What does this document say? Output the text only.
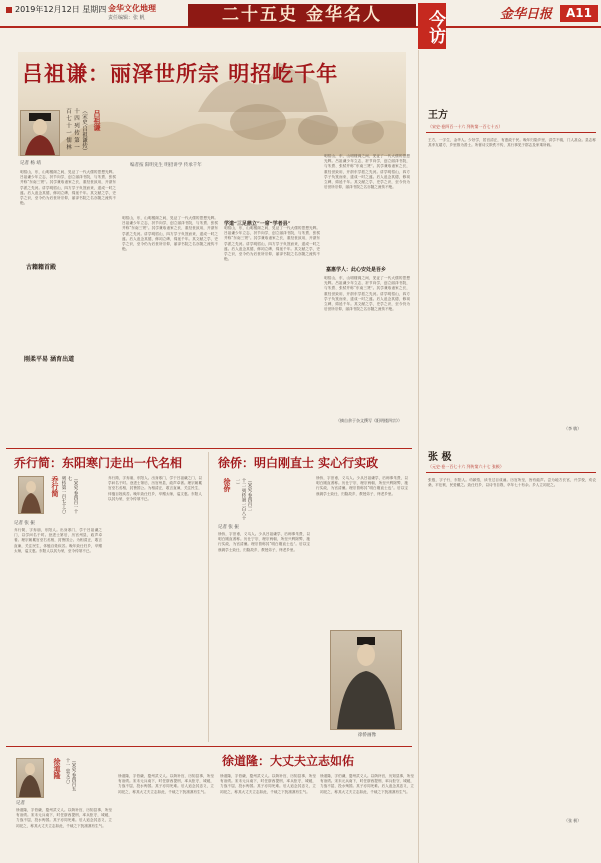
2019年12月12日 星期四 金华文化地理
责任编辑：张 帆	二十五史 金华名人	今访	金华日报	A11
吕祖谦：丽泽世所宗 明招屹千年
（宋史·吕祖谦传）
十 四 列 传 第 一
百 七 十 一 儒 林	吕祖谦
记者 杨 靖
古籍籍首殿
刚柔平易 涵育出道
明招山，东，山明楼阁之间，见证了一代大儒的思想光辉。吕祖谦少年立志，折节向学，创立丽泽书院，与朱熹、张栻并称“东南三贤”。其学兼取诸家之长，重经世致用，开浙东学派之先河。讲学明招山，四方学子负笈而来，遂成一时之盛。后人追念其德，修祠立碑，绵延千年。其文献之学，史学之识，至今仍为后世所宗仰，丽泽书院之名亦随之流传不绝。
明招山，东，山明楼阁之间，见证了一代大儒的思想光辉。吕祖谦少年立志，折节向学，创立丽泽书院，与朱熹、张栻并称“东南三贤”。其学兼取诸家之长，重经世致用，开浙东学派之先河。讲学明招山，四方学子负笈而来，遂成一时之盛。后人追念其德，修祠立碑，绵延千年。其文献之学，史学之识，至今仍为后世所宗仰，丽泽书院之名亦随之流传不绝。
明招山，东，山明楼阁之间，见证了一代大儒的思想光辉。吕祖谦少年立志，折节向学，创立丽泽书院，与朱熹、张栻并称“东南三贤”。其学兼取诸家之长，重经世致用，开浙东学派之先河。讲学明招山，四方学子负笈而来，遂成一时之盛。后人追念其德，修祠立碑，绵延千年。其文献之学，史学之识，至今仍为后世所宗仰，丽泽书院之名亦随之流传不绝。
学道“三足鼎立”一席“学者县”
明招山，东，山明楼阁之间，见证了一代大儒的思想光辉。吕祖谦少年立志，折节向学，创立丽泽书院，与朱熹、张栻并称“东南三贤”。其学兼取诸家之长，重经世致用，开浙东学派之先河。讲学明招山，四方学子负笈而来，遂成一时之盛。后人追念其德，修祠立碑，绵延千年。其文献之学，史学之识，至今仍为后世所宗仰，丽泽书院之名亦随之流传不绝。
嘉惠学人：此心安处是吾乡
明招山，东，山明楼阁之间，见证了一代大儒的思想光辉。吕祖谦少年立志，折节向学，创立丽泽书院，与朱熹、张栻并称“东南三贤”。其学兼取诸家之长，重经世致用，开浙东学派之先河。讲学明招山，四方学子负笈而来，遂成一时之盛。后人追念其德，修祠立碑，绵延千年。其文献之学，史学之识，至今仍为后世所宗仰，丽泽书院之名亦随之流传不绝。
（摘自余于杂文撰写《阳明楼四宗》）
编者按 阳明先生 明招讲学 传承千年
王方
（宋史·卷四百一十六 列传第一百七十五）
王方，一字生，金华人。少好学，居官清正，有惠政于民。晚年归隐乡里，讲学不辍，门人甚众。县志称其孝友端方，乡里推为善士。所著诗文散佚不传，其行事见于郡志及家乘所载。
（李 敏）
张 极
（元史·卷一百七十六 列传第六十七 张极）
张极，字子行，东阳人。幼颖悟，读书过目成诵。历官所至，皆有能声。尝为地方长官，兴学校，劝农桑，平讼狱，民爱戴之。致仕归乡，以诗书自娱，卒年七十有余。乡人立祠祀之。
（张 极）
乔行简：东阳寒门走出一代名相
乔行简	（宋史·卷四百一十七
列传第一百七十六）
记者 张 振
乔行简，字寿朋，东阳人。出身寒门，学于吕祖谦之门，以学问名于时。登进士第后，历官州县，政声卓著。理宗朝累官至右丞相，封鲁国公。为相清正，敢言直谏，关注民生，体恤百姓疾苦。晚年致仕归乡，卒赠太师，谥文惠。东阳人以其为荣，至今传颂不已。
乔行简，字寿朋，东阳人。出身寒门，学于吕祖谦之门，以学问名于时。登进士第后，历官州县，政声卓著。理宗朝累官至右丞相，封鲁国公。为相清正，敢言直谏，关注民生，体恤百姓疾苦。晚年致仕归乡，卒赠太师，谥文惠。东阳人以其为荣，至今传颂不已。
徐侨：明白刚直士 实心行实政
徐侨	（宋史·卷四百二
十二 列传第一百八十一）
记者 张 振
徐侨，字崇甫，义乌人。少从吕祖谦学，后师事朱熹，以明白刚直著称。历仕宁宗、理宗两朝，所至兴利除弊，施行实政，为官清廉。理宗曾称其“明白刚直士也”。后以宝谟阁学士致仕，归隐故乡，教授弟子，终老乡里。
徐侨，字崇甫，义乌人。少从吕祖谦学，后师事朱熹，以明白刚直著称。历仕宁宗、理宗两朝，所至兴利除弊，施行实政，为官清廉。理宗曾称其“明白刚直士也”。后以宝谟阁学士致仕，归隐故乡，教授弟子，终老乡里。
徐侨画像
徐道隆：大丈夫立志如佑
徐道隆	（宋史·卷四百五
十一 忠义六）
记者
徐道隆，字伯谦，婺州武义人。以荫补官，历知县事，所至有治绩。宋末元兵南下，时任浙西提刑，率兵拒守，城破，力战不屈，投水殉国。其子亦同死难。后人追念其忠义，立祠祀之，称其大丈夫立志如此，千载之下犹凛凛有生气。
徐道隆，字伯谦，婺州武义人。以荫补官，历知县事，所至有治绩。宋末元兵南下，时任浙西提刑，率兵拒守，城破，力战不屈，投水殉国。其子亦同死难。后人追念其忠义，立祠祀之，称其大丈夫立志如此，千载之下犹凛凛有生气。
徐道隆，字伯谦，婺州武义人。以荫补官，历知县事，所至有治绩。宋末元兵南下，时任浙西提刑，率兵拒守，城破，力战不屈，投水殉国。其子亦同死难。后人追念其忠义，立祠祀之，称其大丈夫立志如此，千载之下犹凛凛有生气。
徐道隆，字伯谦，婺州武义人。以荫补官，历知县事，所至有治绩。宋末元兵南下，时任浙西提刑，率兵拒守，城破，力战不屈，投水殉国。其子亦同死难。后人追念其忠义，立祠祀之，称其大丈夫立志如此，千载之下犹凛凛有生气。
